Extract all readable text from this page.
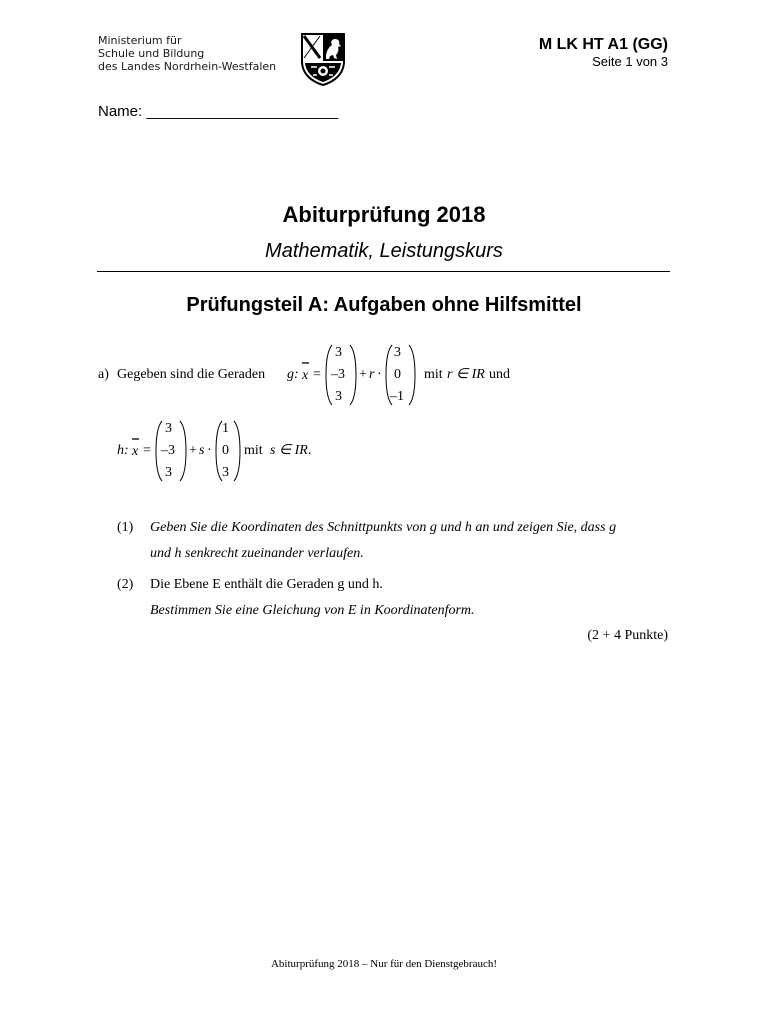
Ministerium für
Schule und Bildung
des Landes Nordrhein-Westfalen
M LK HT A1 (GG)
Seite 1 von 3
Name: _______________________
Abiturprüfung 2018
Mathematik, Leistungskurs
Prüfungsteil A: Aufgaben ohne Hilfsmittel
a) Gegeben sind die Geraden g: x =
3
–3
3
+ r ·
3
0
–1
mit r ∈ IR und
h: x =
3
–3
3
+ s ·
1
0
3
mit s ∈ IR .
(1) Geben Sie die Koordinaten des Schnittpunkts von g und h an und zeigen Sie, dass g
und h senkrecht zueinander verlaufen.
(2) Die Ebene E enthält die Geraden g und h.
Bestimmen Sie eine Gleichung von E in Koordinatenform.
(2 + 4 Punkte)
Abiturprüfung 2018 – Nur für den Dienstgebrauch!
